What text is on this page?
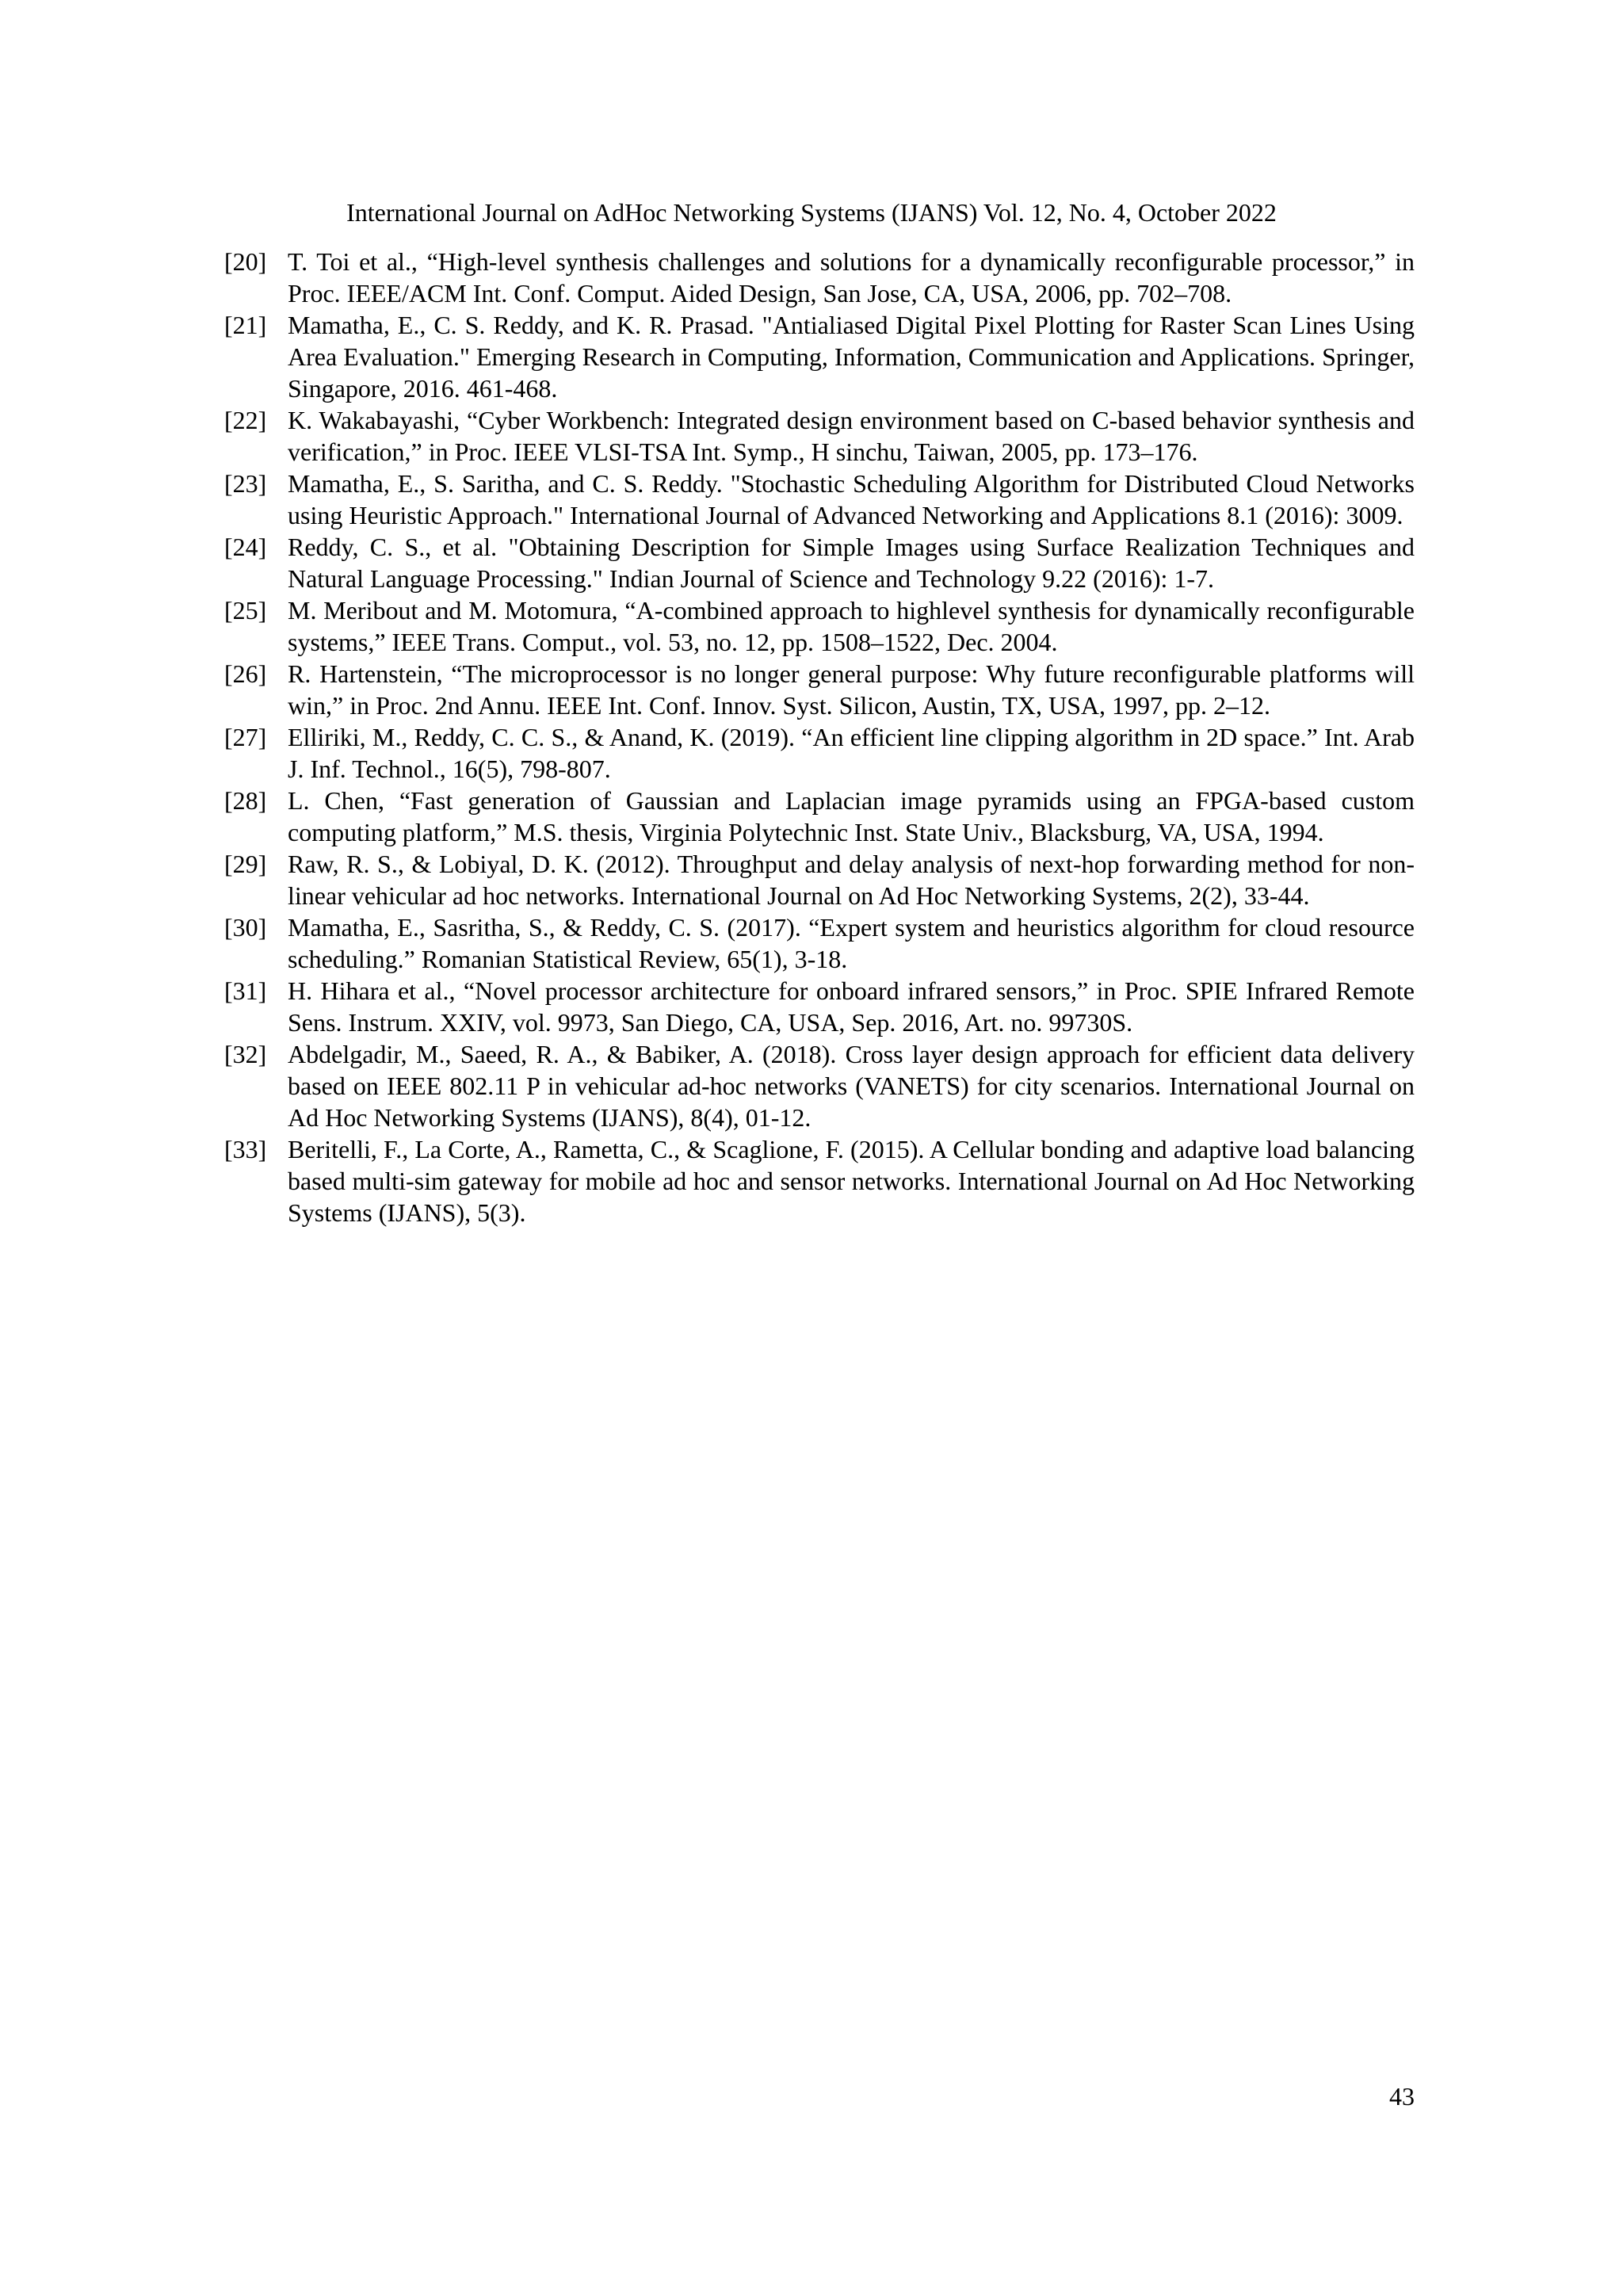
International Journal on AdHoc Networking Systems (IJANS) Vol. 12, No. 4, October 2022
[20] T. Toi et al., “High-level synthesis challenges and solutions for a dynamically reconfigurable processor,” in Proc. IEEE/ACM Int. Conf. Comput. Aided Design, San Jose, CA, USA, 2006, pp. 702–708.
[21] Mamatha, E., C. S. Reddy, and K. R. Prasad. "Antialiased Digital Pixel Plotting for Raster Scan Lines Using Area Evaluation." Emerging Research in Computing, Information, Communication and Applications. Springer, Singapore, 2016. 461-468.
[22] K. Wakabayashi, “Cyber Workbench: Integrated design environment based on C-based behavior synthesis and verification,” in Proc. IEEE VLSI-TSA Int. Symp., H sinchu, Taiwan, 2005, pp. 173–176.
[23] Mamatha, E., S. Saritha, and C. S. Reddy. "Stochastic Scheduling Algorithm for Distributed Cloud Networks using Heuristic Approach." International Journal of Advanced Networking and Applications 8.1 (2016): 3009.
[24] Reddy, C. S., et al. "Obtaining Description for Simple Images using Surface Realization Techniques and Natural Language Processing." Indian Journal of Science and Technology 9.22 (2016): 1-7.
[25] M. Meribout and M. Motomura, “A-combined approach to highlevel synthesis for dynamically reconfigurable systems,” IEEE Trans. Comput., vol. 53, no. 12, pp. 1508–1522, Dec. 2004.
[26] R. Hartenstein, “The microprocessor is no longer general purpose: Why future reconfigurable platforms will win,” in Proc. 2nd Annu. IEEE Int. Conf. Innov. Syst. Silicon, Austin, TX, USA, 1997, pp. 2–12.
[27] Elliriki, M., Reddy, C. C. S., & Anand, K. (2019). “An efficient line clipping algorithm in 2D space.” Int. Arab J. Inf. Technol., 16(5), 798-807.
[28] L. Chen, “Fast generation of Gaussian and Laplacian image pyramids using an FPGA-based custom computing platform,” M.S. thesis, Virginia Polytechnic Inst. State Univ., Blacksburg, VA, USA, 1994.
[29] Raw, R. S., & Lobiyal, D. K. (2012). Throughput and delay analysis of next-hop forwarding method for non-linear vehicular ad hoc networks. International Journal on Ad Hoc Networking Systems, 2(2), 33-44.
[30] Mamatha, E., Sasritha, S., & Reddy, C. S. (2017). “Expert system and heuristics algorithm for cloud resource scheduling.” Romanian Statistical Review, 65(1), 3-18.
[31] H. Hihara et al., “Novel processor architecture for onboard infrared sensors,” in Proc. SPIE Infrared Remote Sens. Instrum. XXIV, vol. 9973, San Diego, CA, USA, Sep. 2016, Art. no. 99730S.
[32] Abdelgadir, M., Saeed, R. A., & Babiker, A. (2018). Cross layer design approach for efficient data delivery based on IEEE 802.11 P in vehicular ad-hoc networks (VANETS) for city scenarios. International Journal on Ad Hoc Networking Systems (IJANS), 8(4), 01-12.
[33] Beritelli, F., La Corte, A., Rametta, C., & Scaglione, F. (2015). A Cellular bonding and adaptive load balancing based multi-sim gateway for mobile ad hoc and sensor networks. International Journal on Ad Hoc Networking Systems (IJANS), 5(3).
43
